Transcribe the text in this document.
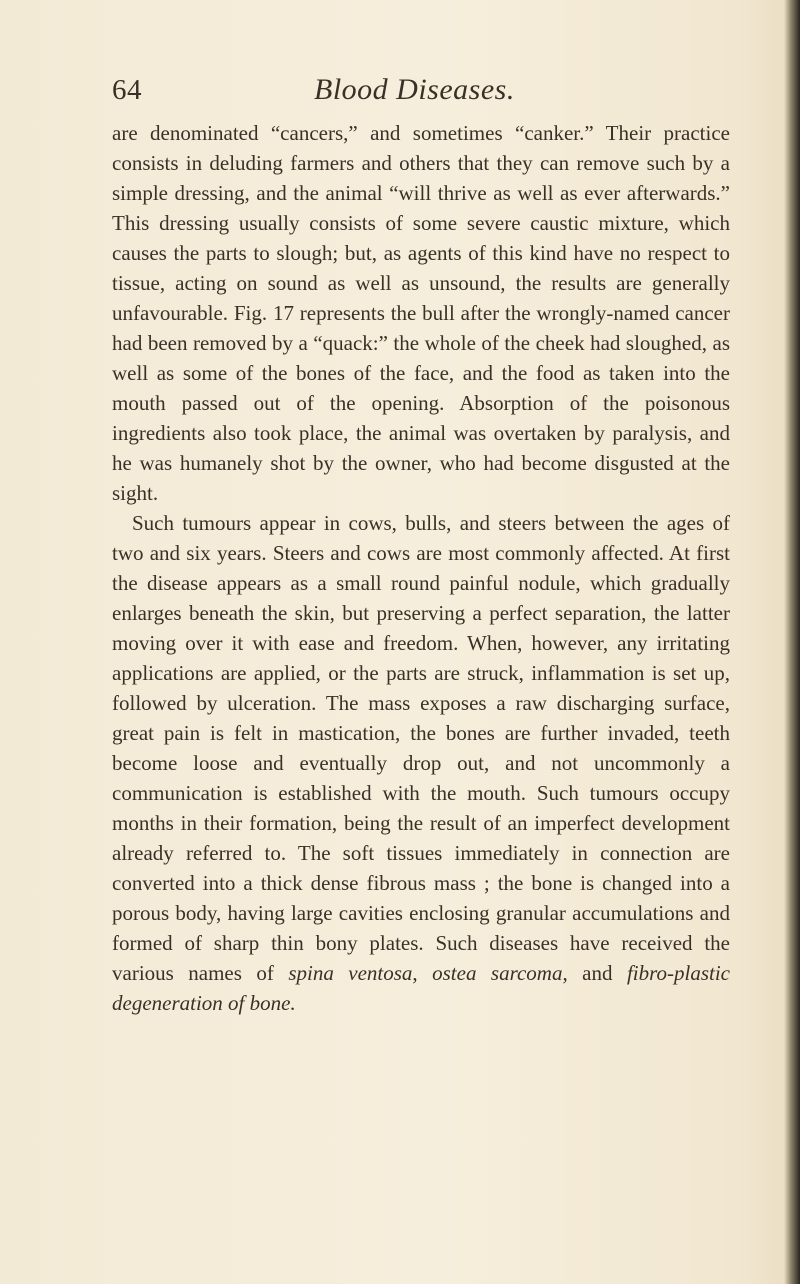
64	Blood Diseases.

are denominated “cancers,” and sometimes “canker.” Their practice consists in deluding farmers and others that they can remove such by a simple dressing, and the animal “will thrive as well as ever afterwards.” This dressing usually consists of some severe caustic mixture, which causes the parts to slough; but, as agents of this kind have no respect to tissue, acting on sound as well as unsound, the results are generally unfavourable. Fig. 17 represents the bull after the wrongly-named cancer had been removed by a “quack:” the whole of the cheek had sloughed, as well as some of the bones of the face, and the food as taken into the mouth passed out of the opening. Absorption of the poisonous ingredients also took place, the animal was overtaken by paralysis, and he was humanely shot by the owner, who had become disgusted at the sight.

Such tumours appear in cows, bulls, and steers between the ages of two and six years. Steers and cows are most commonly affected. At first the disease appears as a small round painful nodule, which gradually enlarges beneath the skin, but preserving a perfect separation, the latter moving over it with ease and freedom. When, however, any irritating applications are applied, or the parts are struck, inflammation is set up, followed by ulceration. The mass exposes a raw discharging surface, great pain is felt in mastication, the bones are further invaded, teeth become loose and eventually drop out, and not uncommonly a communication is established with the mouth. Such tumours occupy months in their formation, being the result of an imperfect development already referred to. The soft tissues immediately in connection are converted into a thick dense fibrous mass ; the bone is changed into a porous body, having large cavities enclosing granular accumulations and formed of sharp thin bony plates. Such diseases have received the various names of spina ventosa, ostea sarcoma, and fibro-plastic degeneration of bone.
